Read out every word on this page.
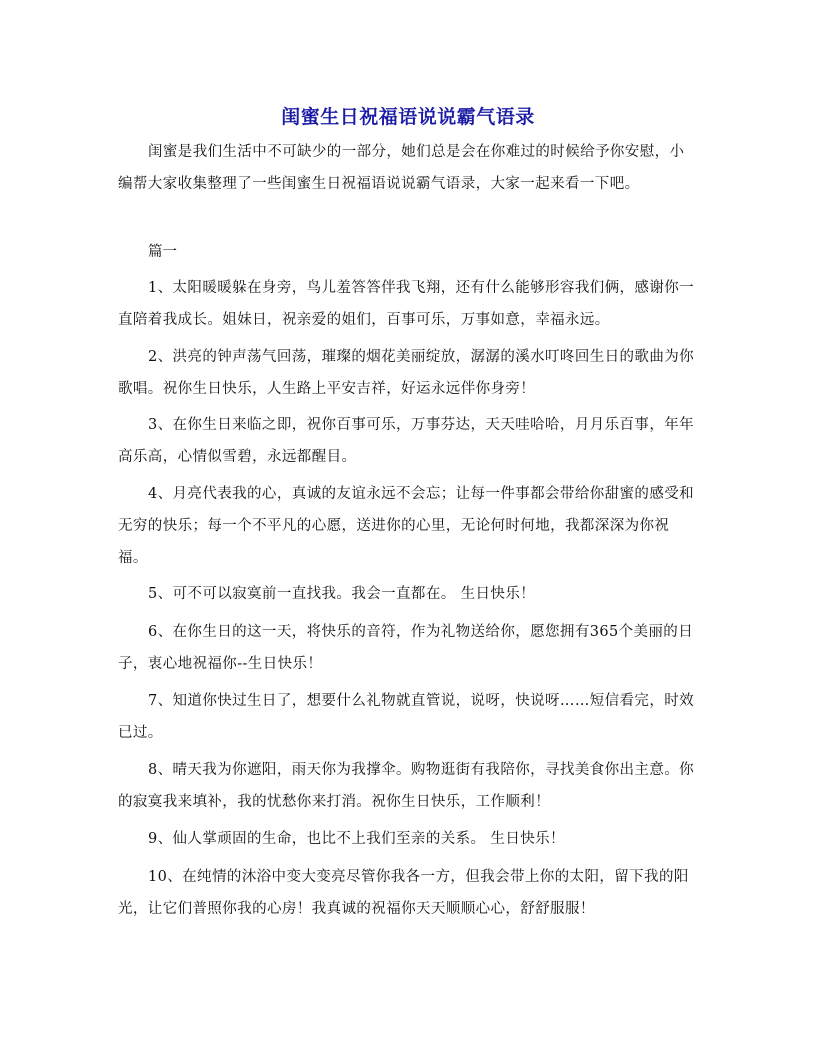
闺蜜生日祝福语说说霸气语录

闺蜜是我们生活中不可缺少的一部分，她们总是会在你难过的时候给予你安慰，小编帮大家收集整理了一些闺蜜生日祝福语说说霸气语录，大家一起来看一下吧。

篇一

1、太阳暖暖躲在身旁，鸟儿羞答答伴我飞翔，还有什么能够形容我们俩，感谢你一直陪着我成长。姐妹日，祝亲爱的姐们，百事可乐，万事如意，幸福永远。

2、洪亮的钟声荡气回荡，璀璨的烟花美丽绽放，潺潺的溪水叮咚回生日的歌曲为你歌唱。祝你生日快乐，人生路上平安吉祥，好运永远伴你身旁！

3、在你生日来临之即，祝你百事可乐，万事芬达，天天哇哈哈，月月乐百事，年年高乐高，心情似雪碧，永远都醒目。

4、月亮代表我的心，真诚的友谊永远不会忘；让每一件事都会带给你甜蜜的感受和无穷的快乐；每一个不平凡的心愿，送进你的心里，无论何时何地，我都深深为你祝福。

5、可不可以寂寞前一直找我。我会一直都在。 生日快乐！

6、在你生日的这一天，将快乐的音符，作为礼物送给你，愿您拥有365个美丽的日子，衷心地祝福你--生日快乐！

7、知道你快过生日了，想要什么礼物就直管说，说呀，快说呀……短信看完，时效已过。

8、晴天我为你遮阳，雨天你为我撑伞。购物逛街有我陪你，寻找美食你出主意。你的寂寞我来填补，我的忧愁你来打消。祝你生日快乐，工作顺利！

9、仙人掌顽固的生命，也比不上我们至亲的关系。 生日快乐！

10、在纯情的沐浴中变大变亮尽管你我各一方，但我会带上你的太阳，留下我的阳光，让它们普照你我的心房！我真诚的祝福你天天顺顺心心，舒舒服服！
